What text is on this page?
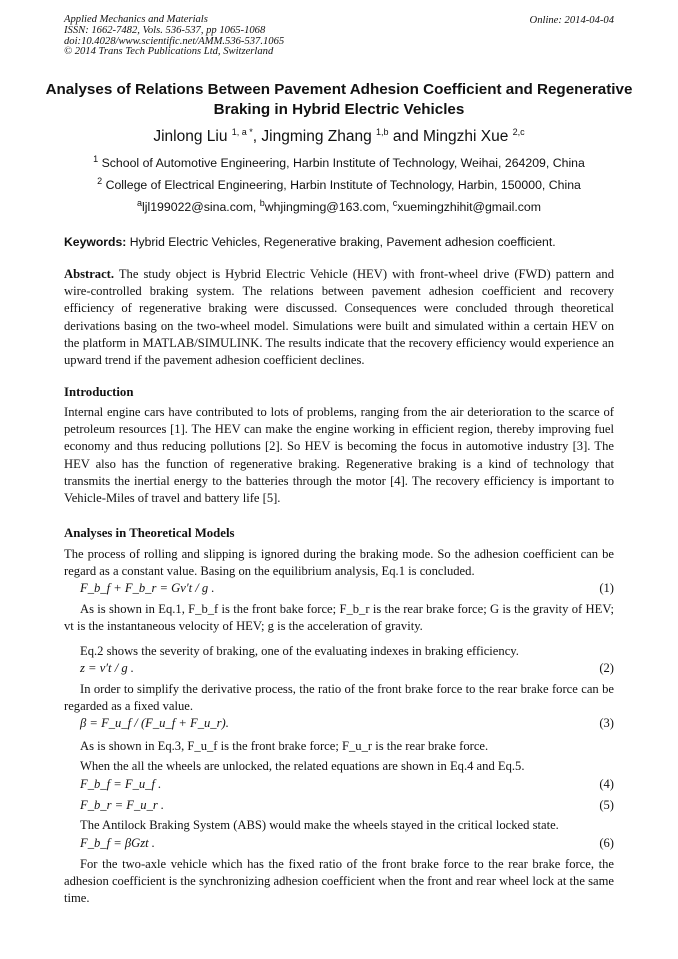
Applied Mechanics and Materials
ISSN: 1662-7482, Vols. 536-537, pp 1065-1068
doi:10.4028/www.scientific.net/AMM.536-537.1065
© 2014 Trans Tech Publications Ltd, Switzerland
Online: 2014-04-04
Analyses of Relations Between Pavement Adhesion Coefficient and Regenerative Braking in Hybrid Electric Vehicles
Jinlong Liu $^{1, a *}$, Jingming Zhang $^{1,b}$ and Mingzhi Xue $^{2,c}$
$^1$ School of Automotive Engineering, Harbin Institute of Technology, Weihai, 264209, China
$^2$ College of Electrical Engineering, Harbin Institute of Technology, Harbin, 150000, China
$^a$ljl199022@sina.com, $^b$whjingming@163.com, $^c$xuemingzhihit@gmail.com
Keywords: Hybrid Electric Vehicles, Regenerative braking, Pavement adhesion coefficient.
Abstract. The study object is Hybrid Electric Vehicle (HEV) with front-wheel drive (FWD) pattern and wire-controlled braking system. The relations between pavement adhesion coefficient and recovery efficiency of regenerative braking were discussed. Consequences were concluded through theoretical derivations basing on the two-wheel model. Simulations were built and simulated within a certain HEV on the platform in MATLAB/SIMULINK. The results indicate that the recovery efficiency would experience an upward trend if the pavement adhesion coefficient declines.
Introduction
Internal engine cars have contributed to lots of problems, ranging from the air deterioration to the scarce of petroleum resources [1]. The HEV can make the engine working in efficient region, thereby improving fuel economy and thus reducing pollutions [2]. So HEV is becoming the focus in automotive industry [3]. The HEV also has the function of regenerative braking. Regenerative braking is a kind of technology that transmits the inertial energy to the batteries through the motor [4]. The recovery efficiency is important to Vehicle-Miles of travel and battery life [5].
Analyses in Theoretical Models
The process of rolling and slipping is ignored during the braking mode. So the adhesion coefficient can be regard as a constant value. Basing on the equilibrium analysis, Eq.1 is concluded.
F_b_f + F_b_r = Gv′t / g .	(1)
As is shown in Eq.1, F_b_f is the front bake force; F_b_r is the rear brake force; G is the gravity of HEV; vt is the instantaneous velocity of HEV; g is the acceleration of gravity.
Eq.2 shows the severity of braking, one of the evaluating indexes in braking efficiency.
z = v′t / g .	(2)
In order to simplify the derivative process, the ratio of the front brake force to the rear brake force can be regarded as a fixed value.
β = F_u_f / (F_u_f + F_u_r).	(3)
As is shown in Eq.3, F_u_f is the front brake force; F_u_r is the rear brake force.
When the all the wheels are unlocked, the related equations are shown in Eq.4 and Eq.5.
F_b_f = F_u_f .	(4)
F_b_r = F_u_r .	(5)
The Antilock Braking System (ABS) would make the wheels stayed in the critical locked state.
F_b_f = βGzt .	(6)
For the two-axle vehicle which has the fixed ratio of the front brake force to the rear brake force, the adhesion coefficient is the synchronizing adhesion coefficient when the front and rear wheel lock at the same time.
